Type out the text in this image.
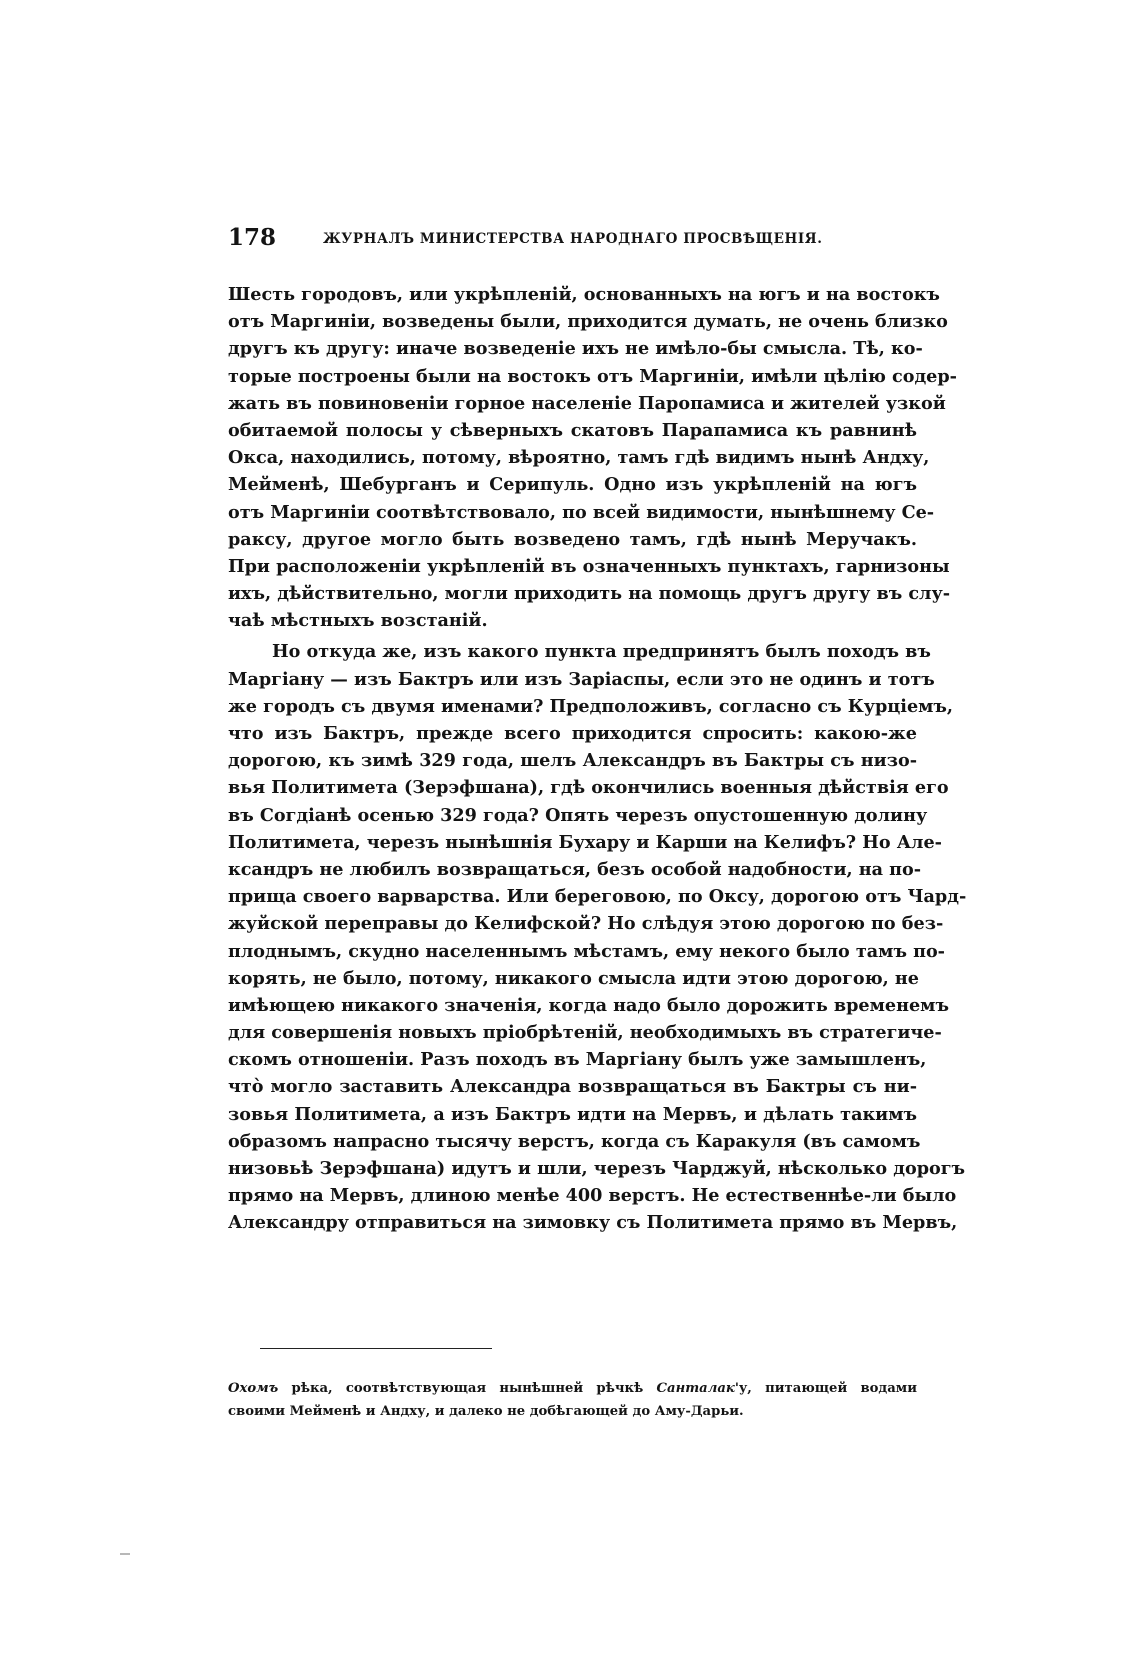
178	ЖУРНАЛЪ МИНИСТЕРСТВА НАРОДНАГО ПРОСВѢЩЕНІЯ.
Шесть городовъ, или укрѣпленій, основанныхъ на югъ и на востокъ
отъ Маргиніи, возведены были, приходится думать, не очень близко
другъ къ другу: иначе возведеніе ихъ не имѣло-бы смысла. Тѣ, ко-
торые построены были на востокъ отъ Маргиніи, имѣли цѣлію содер-
жать въ повиновеніи горное населеніе Паропамиса и жителей узкой
обитаемой полосы у сѣверныхъ скатовъ Парапамиса къ равнинѣ
Окса, находились, потому, вѣроятно, тамъ гдѣ видимъ нынѣ Андху,
Мейменѣ, Шебурганъ и Серипуль. Одно изъ укрѣпленій на югъ
отъ Маргиніи соотвѣтствовало, по всей видимости, нынѣшнему Се-
раксу, другое могло быть возведено тамъ, гдѣ нынѣ Меручакъ.
При расположеніи укрѣпленій въ означенныхъ пунктахъ, гарнизоны
ихъ, дѣйствительно, могли приходить на помощь другъ другу въ слу-
чаѣ мѣстныхъ возстаній.
Но откуда же, изъ какого пункта предпринятъ былъ походъ въ
Маргіану — изъ Бактръ или изъ Заріаспы, если это не одинъ и тотъ
же городъ съ двумя именами? Предположивъ, согласно съ Курціемъ,
что изъ Бактръ, прежде всего приходится спросить: какою-же
дорогою, къ зимѣ 329 года, шелъ Александръ въ Бактры съ низо-
вья Политимета (Зерэфшана), гдѣ окончились военныя дѣйствія его
въ Согдіанѣ осенью 329 года? Опять черезъ опустошенную долину
Политимета, черезъ нынѣшнія Бухару и Карши на Келифъ? Но Але-
ксандръ не любилъ возвращаться, безъ особой надобности, на по-
прища своего варварства. Или береговою, по Оксу, дорогою отъ Чард-
жуйской переправы до Келифской? Но слѣдуя этою дорогою по без-
плоднымъ, скудно населеннымъ мѣстамъ, ему некого было тамъ по-
корять, не было, потому, никакого смысла идти этою дорогою, не
имѣющею никакого значенія, когда надо было дорожить временемъ
для совершенія новыхъ пріобрѣтеній, необходимыхъ въ стратегиче-
скомъ отношеніи. Разъ походъ въ Маргіану былъ уже замышленъ,
чтò могло заставить Александра возвращаться въ Бактры съ ни-
зовья Политимета, а изъ Бактръ идти на Мервъ, и дѣлать такимъ
образомъ напрасно тысячу верстъ, когда съ Каракуля (въ самомъ
низовьѣ Зерэфшана) идутъ и шли, черезъ Чарджуй, нѣсколько дорогъ
прямо на Мервъ, длиною менѣе 400 верстъ. Не естественнѣе-ли было
Александру отправиться на зимовку съ Политимета прямо въ Мервъ,
Охомъ рѣка, соотвѣтствующая нынѣшней рѣчкѣ Санталак'у, питающей водами
своими Мейменѣ и Андху, и далеко не добѣгающей до Аму-Дарьи.
